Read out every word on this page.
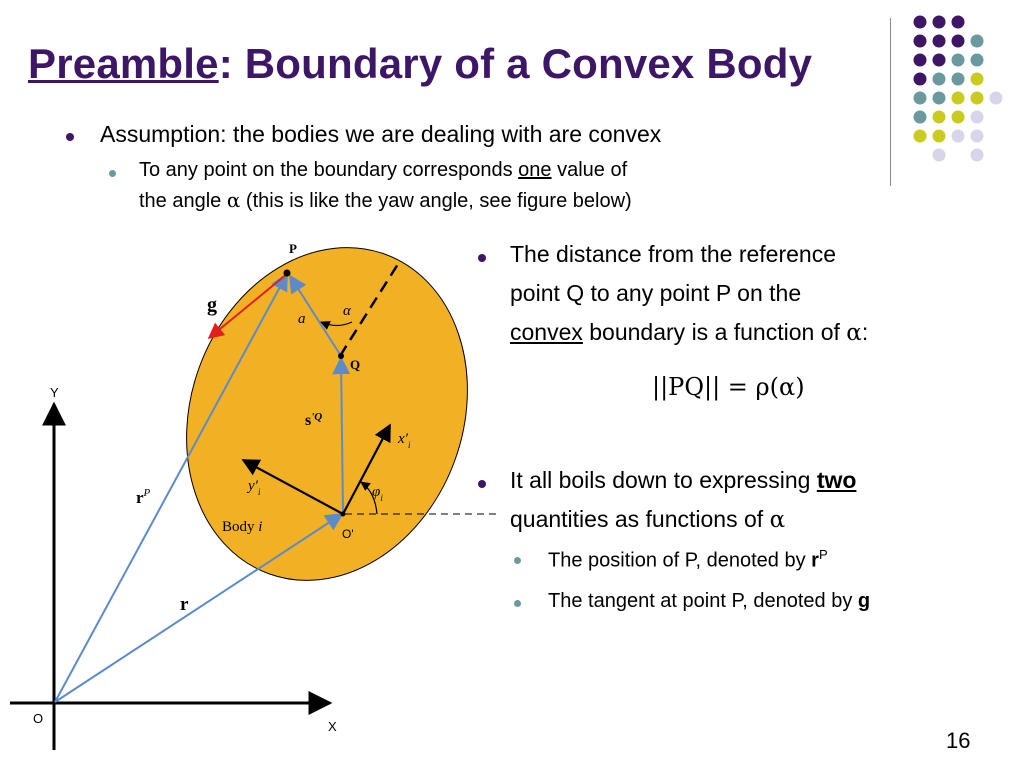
Preamble: Boundary of a Convex Body
Assumption: the bodies we are dealing with are convex
To any point on the boundary corresponds one value of
the angle α (this is like the yaw angle, see figure below)
The distance from the reference
point Q to any point P on the
convex boundary is a function of α:
||PQ|| = ρ(α)
It all boils down to expressing two
quantities as functions of α
The position of P, denoted by $r^P$
The tangent at point P, denoted by g
P
g
a	α
Q
$s^{'Q}$
$x'_i$
$y'_i$	$\varphi_i$
Body i	O'
$r^P$
r
Y
X
O
16
